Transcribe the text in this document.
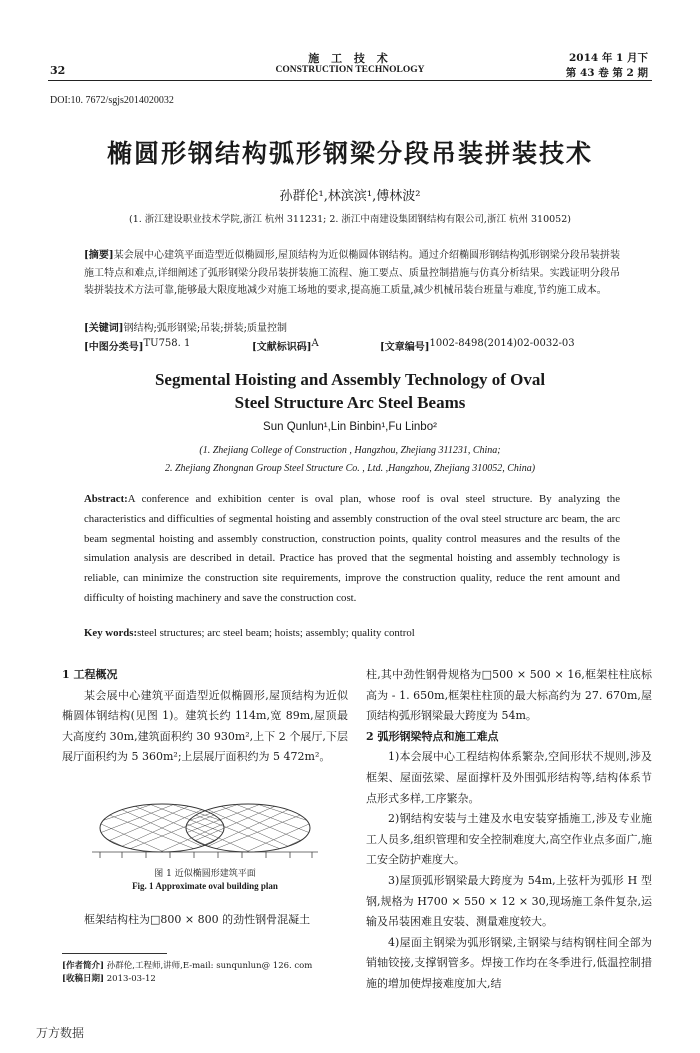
施 工 技 术
CONSTRUCTION TECHNOLOGY
32
2014 年 1 月下
第 43 卷 第 2 期
DOI:10. 7672/sgjs2014020032
椭圆形钢结构弧形钢梁分段吊装拼装技术
孙群伦¹,林滨滨¹,傅林波²
(1. 浙江建设职业技术学院,浙江 杭州 311231; 2. 浙江中南建设集团钢结构有限公司,浙江 杭州 310052)
[摘要]某会展中心建筑平面造型近似椭圆形,屋顶结构为近似椭圆体钢结构。通过介绍椭圆形钢结构弧形钢梁分段吊装拼装施工特点和难点,详细阐述了弧形钢梁分段吊装拼装施工流程、施工要点、质量控制措施与仿真分析结果。实践证明分段吊装拼装技术方法可靠,能够最大限度地减少对施工场地的要求,提高施工质量,减少机械吊装台班量与难度,节约施工成本。
[关键词]钢结构;弧形钢梁;吊装;拼装;质量控制
[中图分类号] TU758. 1	[文献标识码] A	[文章编号] 1002-8498(2014)02-0032-03
Segmental Hoisting and Assembly Technology of Oval
Steel Structure Arc Steel Beams
Sun Qunlun¹,Lin Binbin¹,Fu Linbo²
(1. Zhejiang College of Construction , Hangzhou, Zhejiang 311231, China;
2. Zhejiang Zhongnan Group Steel Structure Co. , Ltd. ,Hangzhou, Zhejiang 310052, China)
Abstract:A conference and exhibition center is oval plan, whose roof is oval steel structure. By analyzing the characteristics and difficulties of segmental hoisting and assembly construction of the oval steel structure arc beam, the arc beam segmental hoisting and assembly construction, construction points, quality control measures and the results of the simulation analysis are described in detail. Practice has proved that the segmental hoisting and assembly technology is reliable, can minimize the construction site requirements, improve the construction quality, reduce the rent amount and difficulty of hoisting machinery and save the construction cost.
Key words:steel structures; arc steel beam; hoists; assembly; quality control
1 工程概况

某会展中心建筑平面造型近似椭圆形,屋顶结构为近似椭圆体钢结构(见图 1)。建筑长约 114m,宽 89m,屋顶最大高度约 30m,建筑面积约 30 930m²,上下 2 个展厅,下层展厅面积约为 5 360m²;上层展厅面积约为 5 472m²。

图 1 近似椭圆形建筑平面
Fig. 1 Approximate oval building plan

框架结构柱为□800 × 800 的劲性钢骨混凝土

[作者简介] 孙群伦,工程师,讲师,E-mail: sunqunlun@ 126. com
[收稿日期] 2013-03-12

柱,其中劲性钢骨规格为□500 × 500 × 16,框架柱柱底标高为 - 1. 650m,框架柱柱顶的最大标高约为 27. 670m,屋顶结构弧形钢梁最大跨度为 54m。

2 弧形钢梁特点和施工难点

1)本会展中心工程结构体系繁杂,空间形状不规则,涉及框架、屋面弦梁、屋面撑杆及外围弧形结构等,结构体系节点形式多样,工序繁杂。

2)钢结构安装与土建及水电安装穿插施工,涉及专业施工人员多,组织管理和安全控制难度大,高空作业点多面广,施工安全防护难度大。

3)屋顶弧形钢梁最大跨度为 54m,上弦杆为弧形 H 型钢,规格为 H700 × 550 × 12 × 30,现场施工条件复杂,运输及吊装困难且安装、测量难度较大。

4)屋面主钢梁为弧形钢梁,主钢梁与结构钢柱间全部为销轴铰接,支撑钢管多。焊接工作均在冬季进行,低温控制措施的增加使焊接难度加大,结

万方数据
